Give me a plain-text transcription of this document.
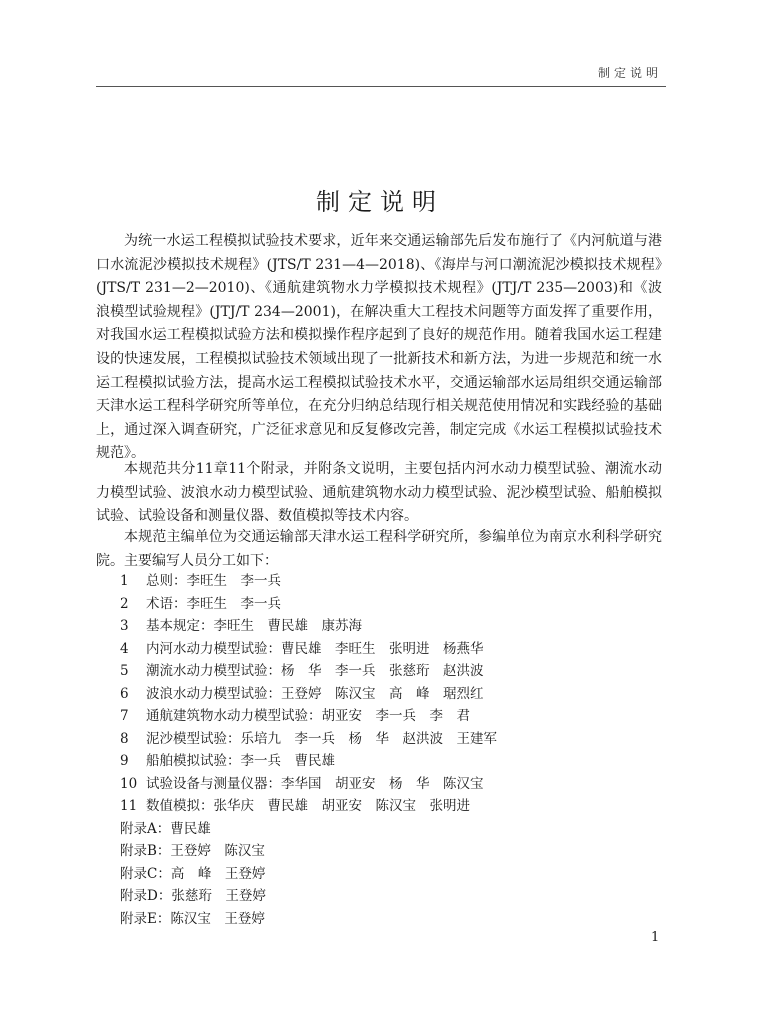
制定说明
制定说明

为统一水运工程模拟试验技术要求，近年来交通运输部先后发布施行了《内河航道与港口水流泥沙模拟技术规程》(JTS/T 231—4—2018)、《海岸与河口潮流泥沙模拟技术规程》(JTS/T 231—2—2010)、《通航建筑物水力学模拟技术规程》(JTJ/T 235—2003)和《波浪模型试验规程》(JTJ/T 234—2001)，在解决重大工程技术问题等方面发挥了重要作用，对我国水运工程模拟试验方法和模拟操作程序起到了良好的规范作用。随着我国水运工程建设的快速发展，工程模拟试验技术领域出现了一批新技术和新方法，为进一步规范和统一水运工程模拟试验方法，提高水运工程模拟试验技术水平，交通运输部水运局组织交通运输部天津水运工程科学研究所等单位，在充分归纳总结现行相关规范使用情况和实践经验的基础上，通过深入调查研究，广泛征求意见和反复修改完善，制定完成《水运工程模拟试验技术规范》。

本规范共分11章11个附录，并附条文说明，主要包括内河水动力模型试验、潮流水动力模型试验、波浪水动力模型试验、通航建筑物水动力模型试验、泥沙模型试验、船舶模拟试验、试验设备和测量仪器、数值模拟等技术内容。

本规范主编单位为交通运输部天津水运工程科学研究所，参编单位为南京水利科学研究院。主要编写人员分工如下：

1 总则：李旺生　李一兵
2 术语：李旺生　李一兵
3 基本规定：李旺生　曹民雄　康苏海
4 内河水动力模型试验：曹民雄　李旺生　张明进　杨燕华
5 潮流水动力模型试验：杨　华　李一兵　张慈珩　赵洪波
6 波浪水动力模型试验：王登婷　陈汉宝　高　峰　琚烈红
7 通航建筑物水动力模型试验：胡亚安　李一兵　李　君
8 泥沙模型试验：乐培九　李一兵　杨　华　赵洪波　王建军
9 船舶模拟试验：李一兵　曹民雄
10 试验设备与测量仪器：李华国　胡亚安　杨　华　陈汉宝
11 数值模拟：张华庆　曹民雄　胡亚安　陈汉宝　张明进
附录A：曹民雄
附录B：王登婷　陈汉宝
附录C：高　峰　王登婷
附录D：张慈珩　王登婷
附录E：陈汉宝　王登婷
1
